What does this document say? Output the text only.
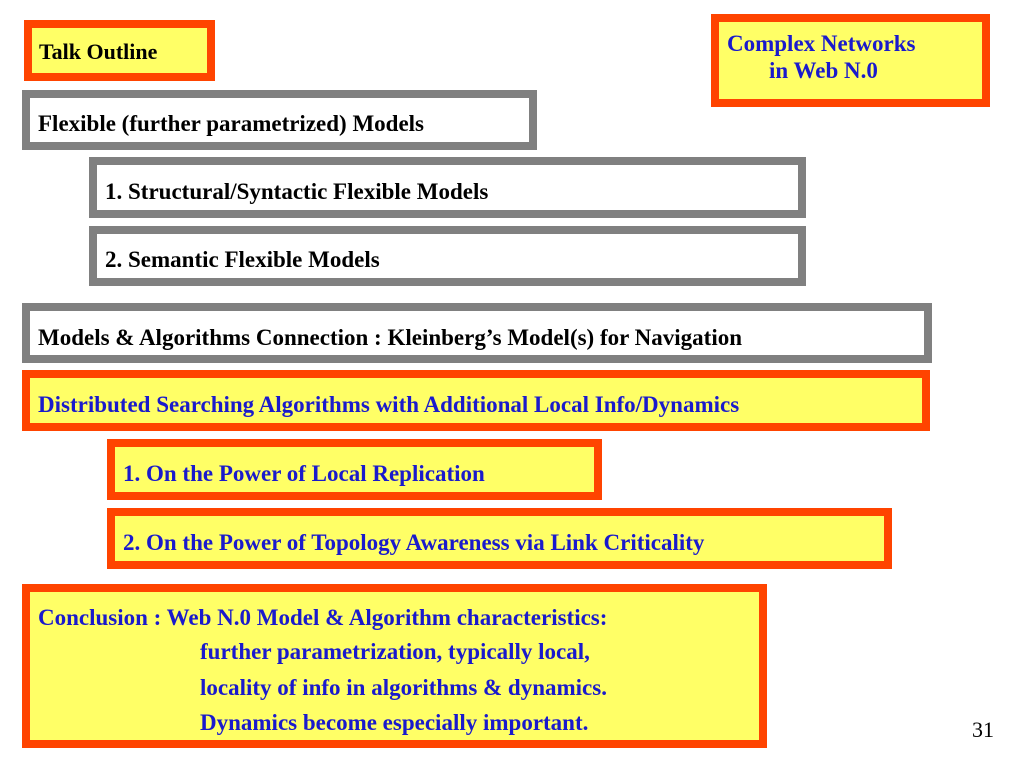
Talk Outline	Complex Networks
in Web N.0
Flexible (further parametrized) Models
1. Structural/Syntactic Flexible Models
2. Semantic Flexible Models
Models & Algorithms Connection : Kleinberg’s Model(s) for Navigation
Distributed Searching Algorithms with Additional Local Info/Dynamics
1. On the Power of Local Replication
2. On the Power of Topology Awareness via Link Criticality
Conclusion : Web N.0 Model & Algorithm characteristics:
further parametrization, typically local,
locality of info in algorithms & dynamics.
Dynamics become especially important.	31
